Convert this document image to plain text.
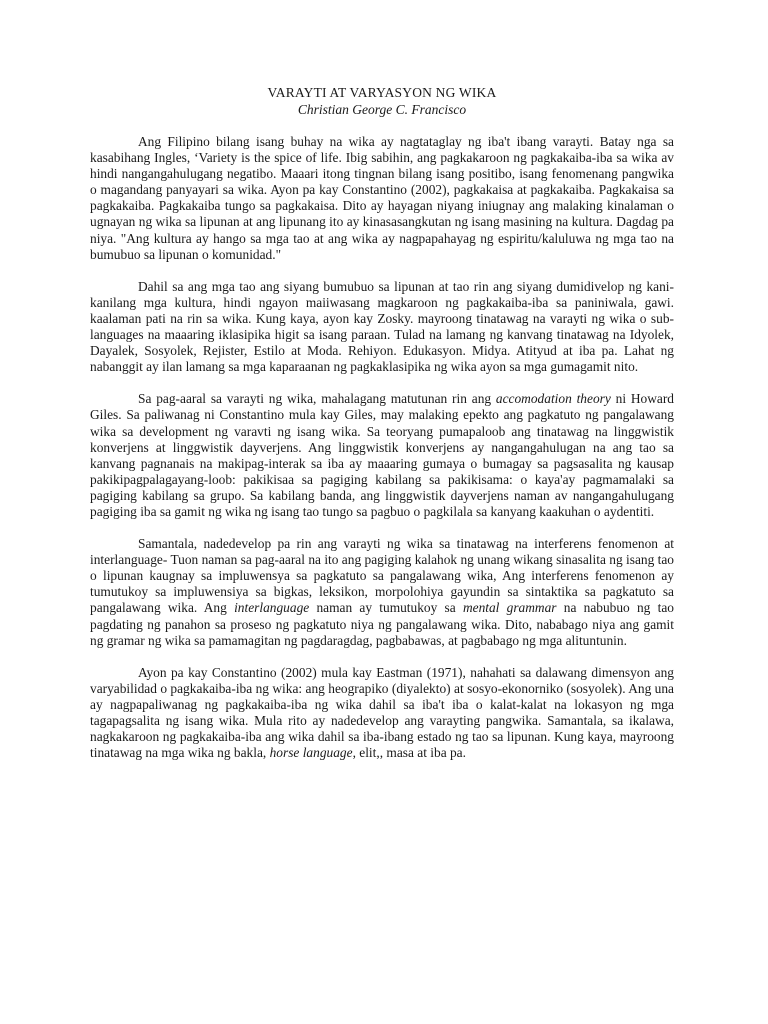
VARAYTI AT VARYASYON NG WIKA
Christian George C. Francisco

Ang Filipino bilang isang buhay na wika ay nagtataglay ng iba't ibang varayti. Batay nga sa kasabihang Ingles, ‘Variety is the spice of life. Ibig sabihin, ang pagkakaroon ng pagkakaiba-iba sa wika av hindi nangangahulugang negatibo. Maaari itong tingnan bilang isang positibo, isang fenomenang pangwika o magandang panyayari sa wika. Ayon pa kay Constantino (2002), pagkakaisa at pagkakaiba. Pagkakaisa sa pagkakaiba. Pagkakaiba tungo sa pagkakaisa. Dito ay hayagan niyang iniugnay ang malaking kinalaman o ugnayan ng wika sa lipunan at ang lipunang ito ay kinasasangkutan ng isang masining na kultura. Dagdag pa niya. "Ang kultura ay hango sa mga tao at ang wika ay nagpapahayag ng espiritu/kaluluwa ng mga tao na bumubuo sa lipunan o komunidad."

Dahil sa ang mga tao ang siyang bumubuo sa lipunan at tao rin ang siyang dumidivelop ng kani-kanilang mga kultura, hindi ngayon maiiwasang magkaroon ng pagkakaiba-iba sa paniniwala, gawi. kaalaman pati na rin sa wika. Kung kaya, ayon kay Zosky. mayroong tinatawag na varayti ng wika o sub-languages na maaaring iklasipika higit sa isang paraan. Tulad na lamang ng kanvang tinatawag na Idyolek, Dayalek, Sosyolek, Rejister, Estilo at Moda. Rehiyon. Edukasyon. Midya. Atityud at iba pa. Lahat ng nabanggit ay ilan lamang sa mga kaparaanan ng pagkaklasipika ng wika ayon sa mga gumagamit nito.

Sa pag-aaral sa varayti ng wika, mahalagang matutunan rin ang accomodation theory ni Howard Giles. Sa paliwanag ni Constantino mula kay Giles, may malaking epekto ang pagkatuto ng pangalawang wika sa development ng varavti ng isang wika. Sa teoryang pumapaloob ang tinatawag na linggwistik konverjens at linggwistik dayverjens. Ang linggwistik konverjens ay nangangahulugan na ang tao sa kanvang pagnanais na makipag-interak sa iba ay maaaring gumaya o bumagay sa pagsasalita ng kausap pakikipagpalagayang-loob: pakikisaa sa pagiging kabilang sa pakikisama: o kaya'ay pagmamalaki sa pagiging kabilang sa grupo. Sa kabilang banda, ang linggwistik dayverjens naman av nangangahulugang pagiging iba sa gamit ng wika ng isang tao tungo sa pagbuo o pagkilala sa kanyang kaakuhan o aydentiti.

Samantala, nadedevelop pa rin ang varayti ng wika sa tinatawag na interferens fenomenon at interlanguage- Tuon naman sa pag-aaral na ito ang pagiging kalahok ng unang wikang sinasalita ng isang tao o lipunan kaugnay sa impluwensya sa pagkatuto sa pangalawang wika, Ang interferens fenomenon ay tumutukoy sa impluwensiya sa bigkas, leksikon, morpolohiya gayundin sa sintaktika sa pagkatuto sa pangalawang wika. Ang interlanguage naman ay tumutukoy sa mental grammar na nabubuo ng tao pagdating ng panahon sa proseso ng pagkatuto niya ng pangalawang wika. Dito, nababago niya ang gamit ng gramar ng wika sa pamamagitan ng pagdaragdag, pagbabawas, at pagbabago ng mga alituntunin.

Ayon pa kay Constantino (2002) mula kay Eastman (1971), nahahati sa dalawang dimensyon ang varyabilidad o pagkakaiba-iba ng wika: ang heograpiko (diyalekto) at sosyo-ekonorniko (sosyolek). Ang una ay nagpapaliwanag ng pagkakaiba-iba ng wika dahil sa iba't iba o kalat-kalat na lokasyon ng mga tagapagsalita ng isang wika. Mula rito ay nadedevelop ang varayting pangwika. Samantala, sa ikalawa, nagkakaroon ng pagkakaiba-iba ang wika dahil sa iba-ibang estado ng tao sa lipunan. Kung kaya, mayroong tinatawag na mga wika ng bakla, horse language, elit,, masa at iba pa.
